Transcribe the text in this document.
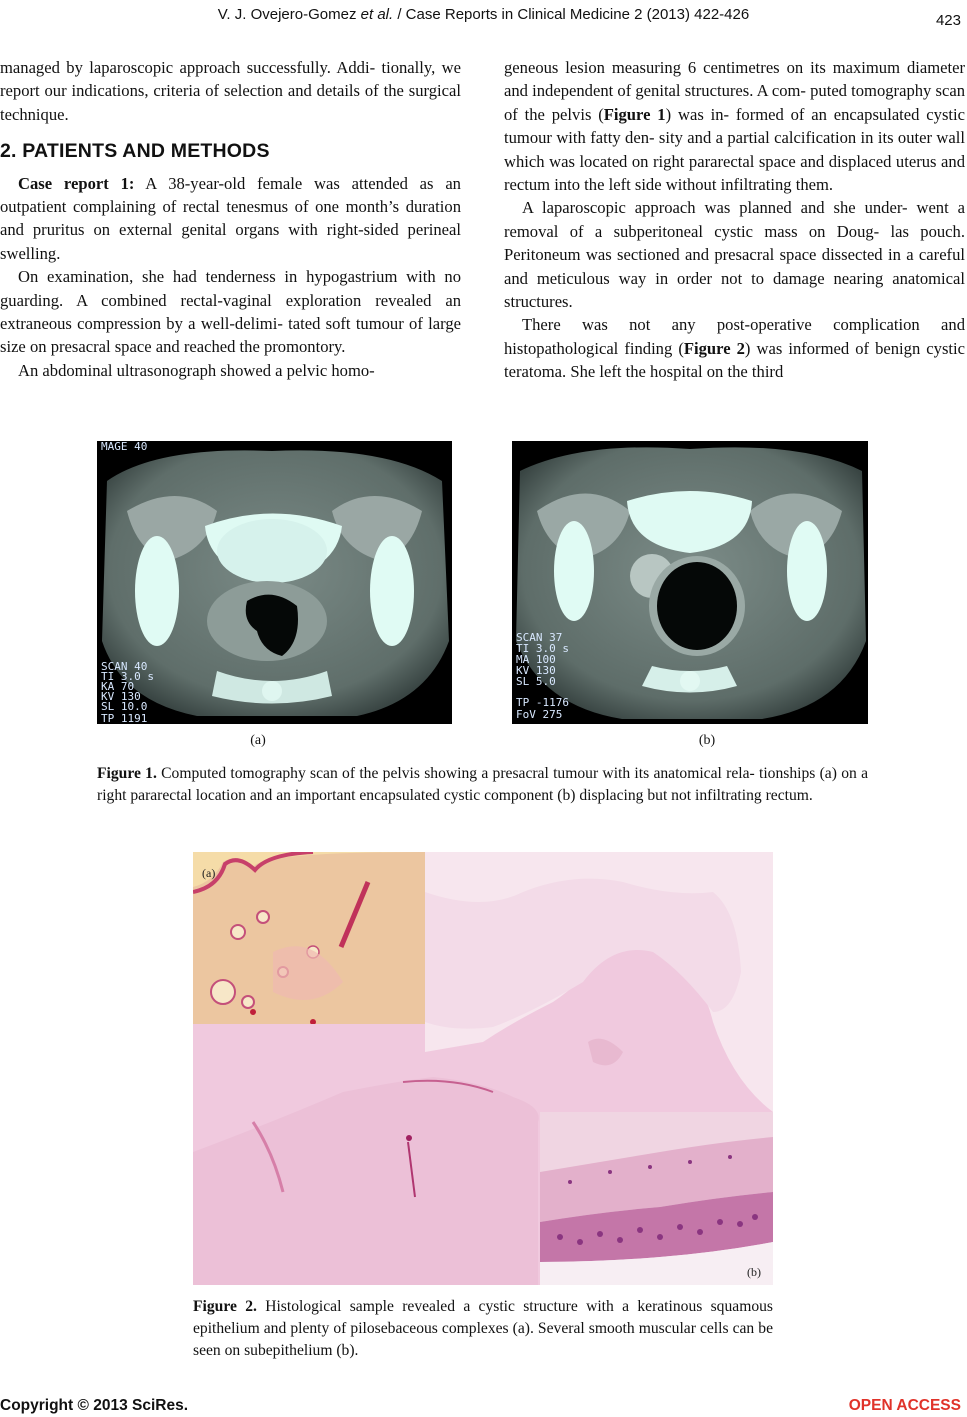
V. J. Ovejero-Gomez et al. / Case Reports in Clinical Medicine 2 (2013) 422-426	423

managed by laparoscopic approach successfully. Addi- tionally, we report our indications, criteria of selection and details of the surgical technique.

2. PATIENTS AND METHODS

Case report 1: A 38-year-old female was attended as an outpatient complaining of rectal tenesmus of one month’s duration and pruritus on external genital organs with right-sided perineal swelling.

On examination, she had tenderness in hypogastrium with no guarding. A combined rectal-vaginal exploration revealed an extraneous compression by a well-delimi- tated soft tumour of large size on presacral space and reached the promontory.

An abdominal ultrasonograph showed a pelvic homo-

geneous lesion measuring 6 centimetres on its maximum diameter and independent of genital structures. A com- puted tomography scan of the pelvis (Figure 1) was in- formed of an encapsulated cystic tumour with fatty den- sity and a partial calcification in its outer wall which was located on right pararectal space and displaced uterus and rectum into the left side without infiltrating them.

A laparoscopic approach was planned and she under- went a removal of a subperitoneal cystic mass on Doug- las pouch. Peritoneum was sectioned and presacral space dissected in a careful and meticulous way in order not to damage nearing anatomical structures.

There was not any post-operative complication and histopathological finding (Figure 2) was informed of benign cystic teratoma. She left the hospital on the third

MAGE 40
SCAN 40
TI 3.0 s
KA 70
KV 130
SL 10.0
TP 1191
SCAN 37
TI 3.0 s
MA 100
KV 130
SL 5.0
TP -1176
FoV 275
(a)	(b)
Figure 1. Computed tomography scan of the pelvis showing a presacral tumour with its anatomical rela- tionships (a) on a right pararectal location and an important encapsulated cystic component (b) displacing but not infiltrating rectum.
(a)
(b)
Figure 2. Histological sample revealed a cystic structure with a keratinous squamous epithelium and plenty of pilosebaceous complexes (a). Several smooth muscular cells can be seen on subepithelium (b).
Copyright © 2013 SciRes.	OPEN ACCESS
